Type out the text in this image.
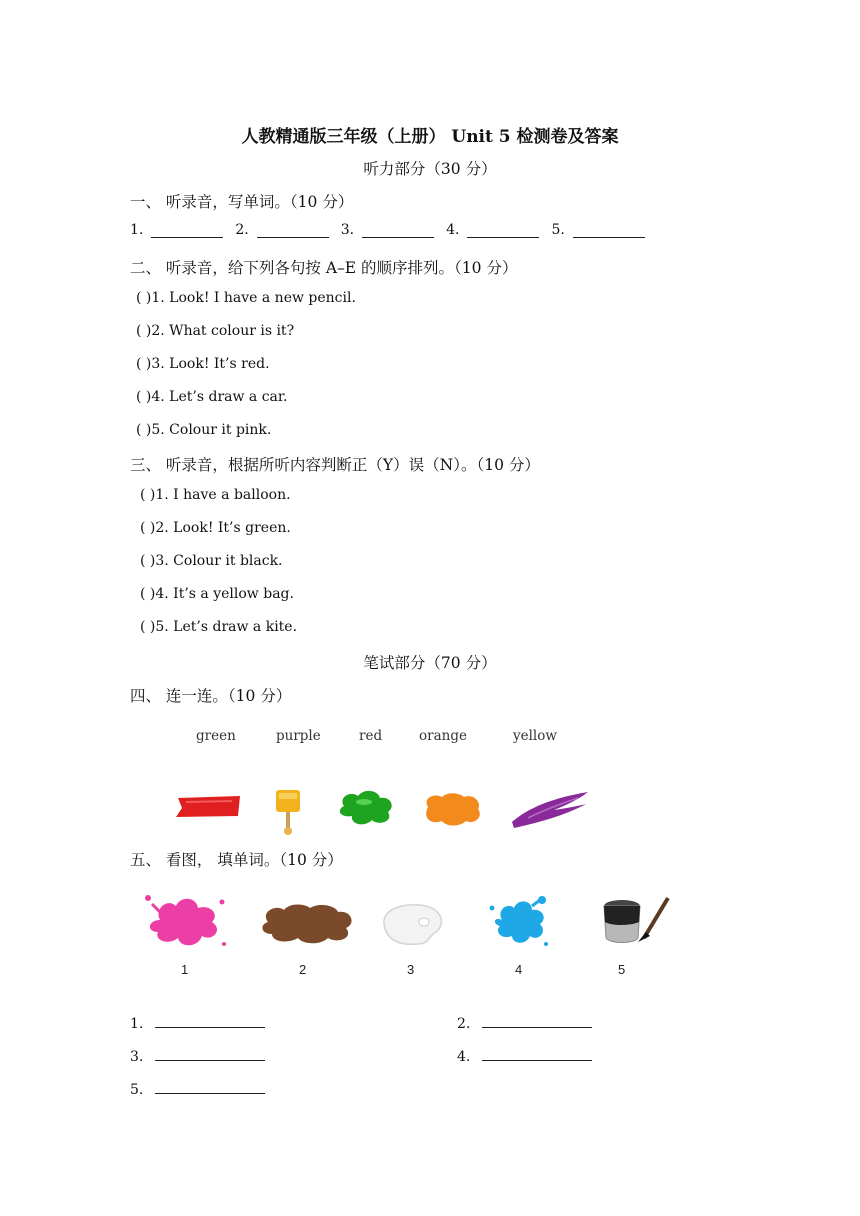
人教精通版三年级（上册） Unit 5 检测卷及答案
听力部分（30 分）
一、 听录音，写单词。（10 分）
1.	2.	3.	4.	5.
二、 听录音，给下列各句按 A–E 的顺序排列。（10 分）
( )1. Look! I have a new pencil.
( )2. What colour is it?
( )3. Look! It’s red.
( )4. Let’s draw a car.
( )5. Colour it pink.
三、 听录音，根据所听内容判断正（Y）误（N）。（10 分）
( )1. I have a balloon.
( )2. Look! It’s green.
( )3. Colour it black.
( )4. It’s a yellow bag.
( )5. Let’s draw a kite.
笔试部分（70 分）
四、 连一连。（10 分）
green	purple	red	orange	yellow
五、 看图， 填单词。（10 分）
1	2	3	4	5
1.	2.
3.	4.
5.
